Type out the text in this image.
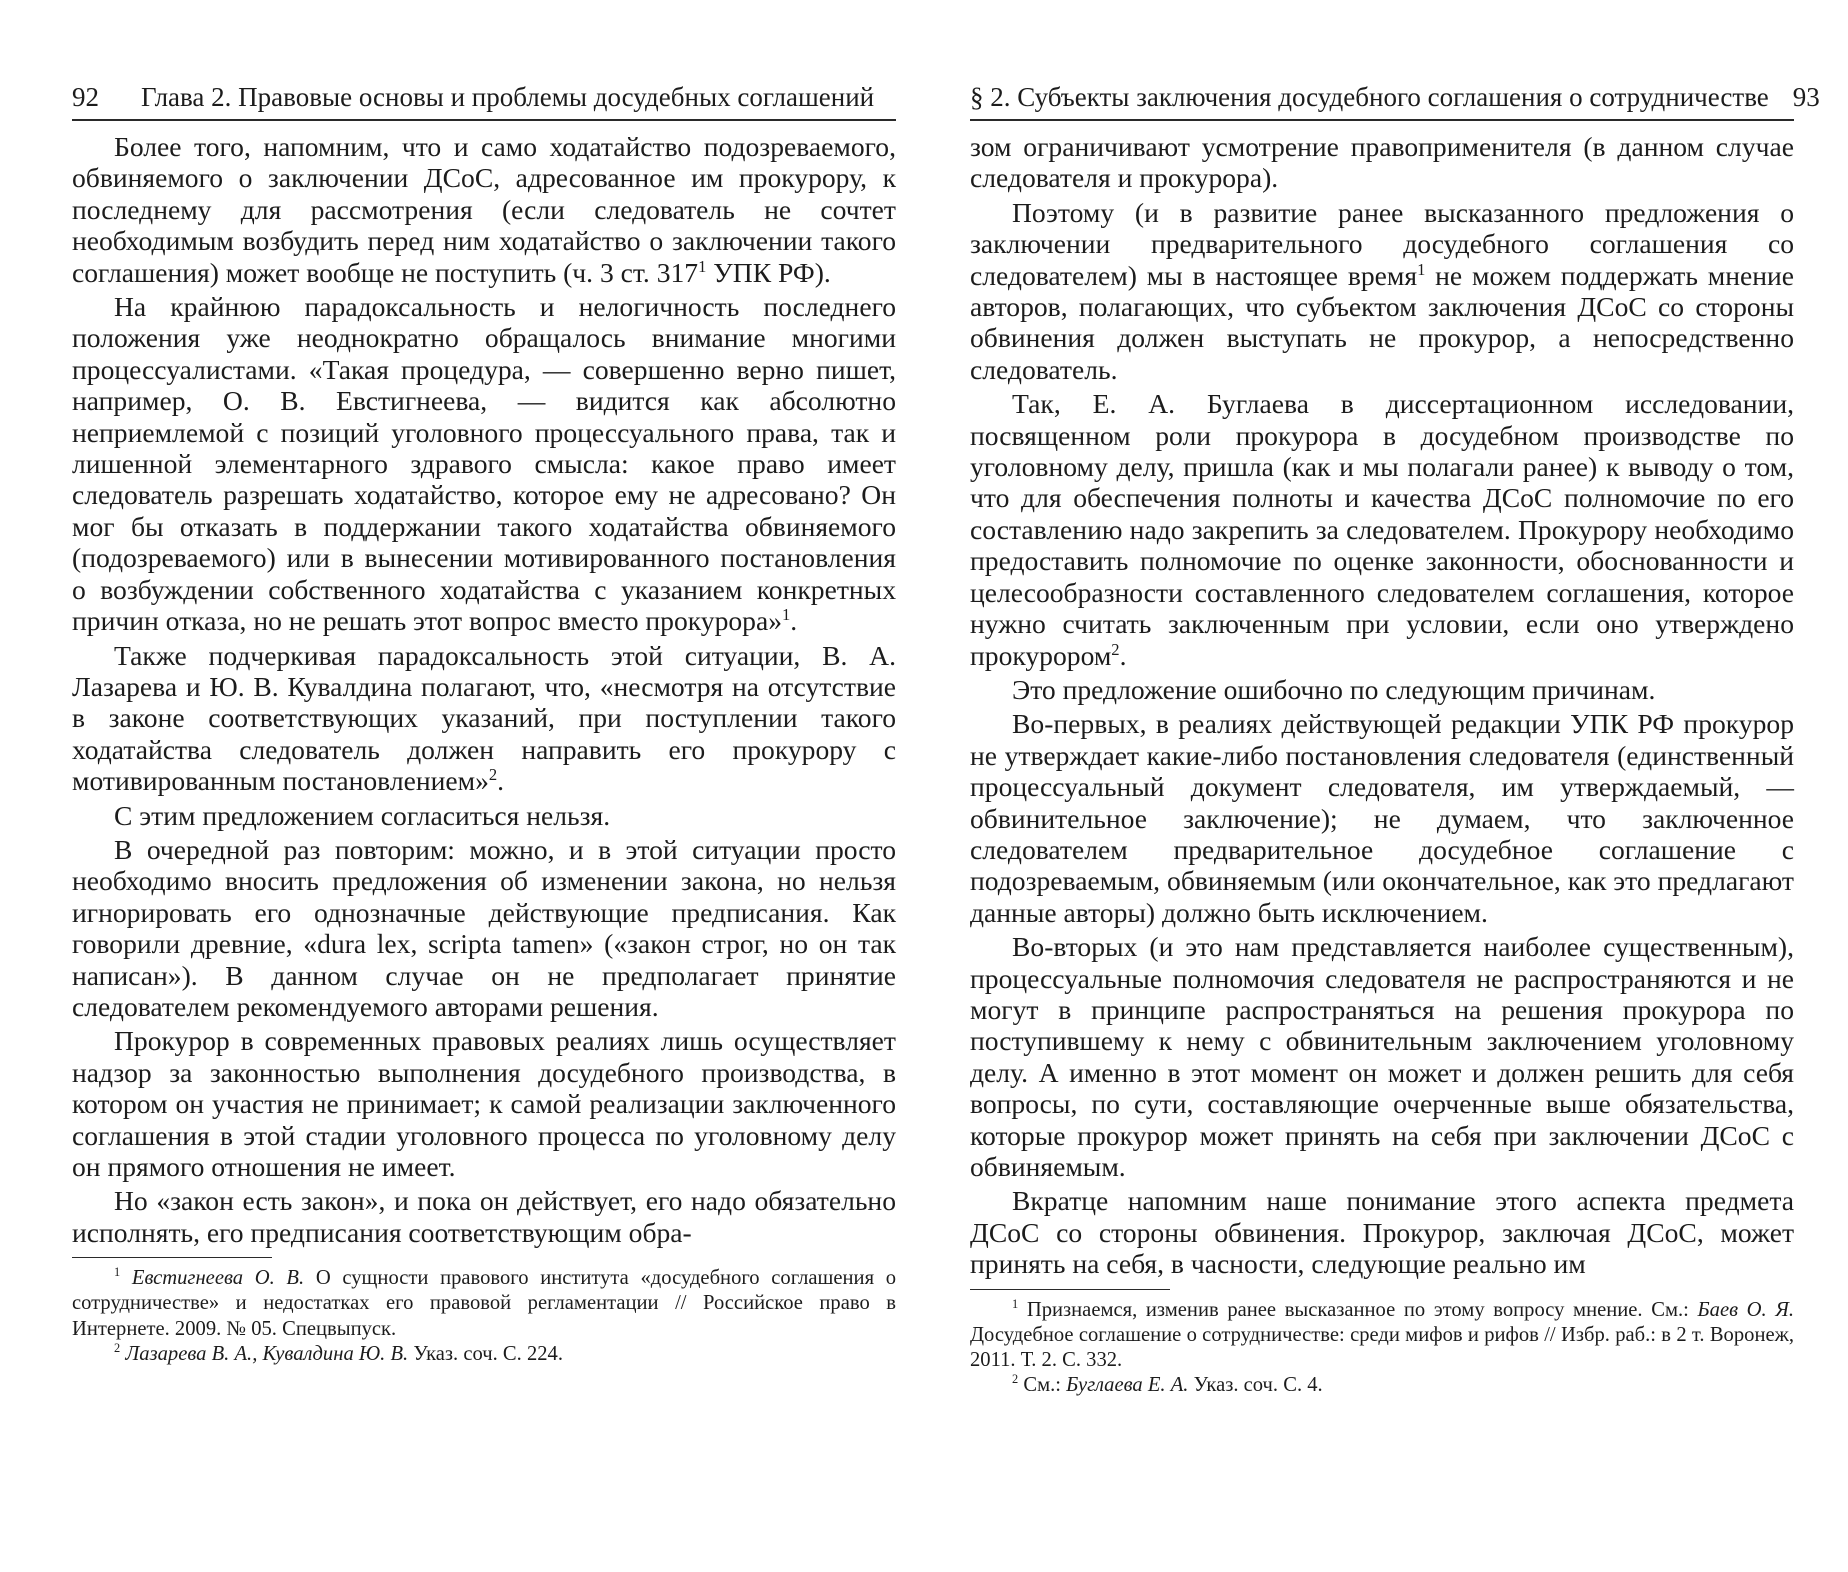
92 Глава 2. Правовые основы и проблемы досудебных соглашений

Более того, напомним, что и само ходатайство подозреваемого, обвиняемого о заключении ДСоС, адресованное им прокурору, к последнему для рассмотрения (если следователь не сочтет необходимым возбудить перед ним ходатайство о заключении такого соглашения) может вообще не поступить (ч. 3 ст. $317^1$ УПК РФ).

На крайнюю парадоксальность и нелогичность последнего положения уже неоднократно обращалось внимание многими процессуалистами. «Такая процедура, — совершенно верно пишет, например, О. В. Евстигнеева, — видится как абсолютно неприемлемой с позиций уголовного процессуального права, так и лишенной элементарного здравого смысла: какое право имеет следователь разрешать ходатайство, которое ему не адресовано? Он мог бы отказать в поддержании такого ходатайства обвиняемого (подозреваемого) или в вынесении мотивированного постановления о возбуждении собственного ходатайства с указанием конкретных причин отказа, но не решать этот вопрос вместо прокурора»$^1$.

Также подчеркивая парадоксальность этой ситуации, В. А. Лазарева и Ю. В. Кувалдина полагают, что, «несмотря на отсутствие в законе соответствующих указаний, при поступлении такого ходатайства следователь должен направить его прокурору с мотивированным постановлением»$^2$.

С этим предложением согласиться нельзя.

В очередной раз повторим: можно, и в этой ситуации просто необходимо вносить предложения об изменении закона, но нельзя игнорировать его однозначные действующие предписания. Как говорили древние, «dura lex, scripta tamen» («закон строг, но он так написан»). В данном случае он не предполагает принятие следователем рекомендуемого авторами решения.

Прокурор в современных правовых реалиях лишь осуществляет надзор за законностью выполнения досудебного производства, в котором он участия не принимает; к самой реализации заключенного соглашения в этой стадии уголовного процесса по уголовному делу он прямого отношения не имеет.

Но «закон есть закон», и пока он действует, его надо обязательно исполнять, его предписания соответствующим обра-

$^1$ Евстигнеева О. В. О сущности правового института «досудебного соглашения о сотрудничестве» и недостатках его правовой регламентации // Российское право в Интернете. 2009. № 05. Спецвыпуск.

$^2$ Лазарева В. А., Кувалдина Ю. В. Указ. соч. С. 224.

§ 2. Субъекты заключения досудебного соглашения о сотрудничестве 93

зом ограничивают усмотрение правоприменителя (в данном случае следователя и прокурора).

Поэтому (и в развитие ранее высказанного предложения о заключении предварительного досудебного соглашения со следователем) мы в настоящее время$^1$ не можем поддержать мнение авторов, полагающих, что субъектом заключения ДСоС со стороны обвинения должен выступать не прокурор, а непосредственно следователь.

Так, Е. А. Буглаева в диссертационном исследовании, посвященном роли прокурора в досудебном производстве по уголовному делу, пришла (как и мы полагали ранее) к выводу о том, что для обеспечения полноты и качества ДСоС полномочие по его составлению надо закрепить за следователем. Прокурору необходимо предоставить полномочие по оценке законности, обоснованности и целесообразности составленного следователем соглашения, которое нужно считать заключенным при условии, если оно утверждено прокурором$^2$.

Это предложение ошибочно по следующим причинам.

Во-первых, в реалиях действующей редакции УПК РФ прокурор не утверждает какие-либо постановления следователя (единственный процессуальный документ следователя, им утверждаемый, — обвинительное заключение); не думаем, что заключенное следователем предварительное досудебное соглашение с подозреваемым, обвиняемым (или окончательное, как это предлагают данные авторы) должно быть исключением.

Во-вторых (и это нам представляется наиболее существенным), процессуальные полномочия следователя не распространяются и не могут в принципе распространяться на решения прокурора по поступившему к нему с обвинительным заключением уголовному делу. А именно в этот момент он может и должен решить для себя вопросы, по сути, составляющие очерченные выше обязательства, которые прокурор может принять на себя при заключении ДСоС с обвиняемым.

Вкратце напомним наше понимание этого аспекта предмета ДСоС со стороны обвинения. Прокурор, заключая ДСоС, может принять на себя, в часности, следующие реально им

$^1$ Признаемся, изменив ранее высказанное по этому вопросу мнение. См.: Баев О. Я. Досудебное соглашение о сотрудничестве: среди мифов и рифов // Избр. раб.: в 2 т. Воронеж, 2011. Т. 2. С. 332.

$^2$ См.: Буглаева Е. А. Указ. соч. С. 4.
